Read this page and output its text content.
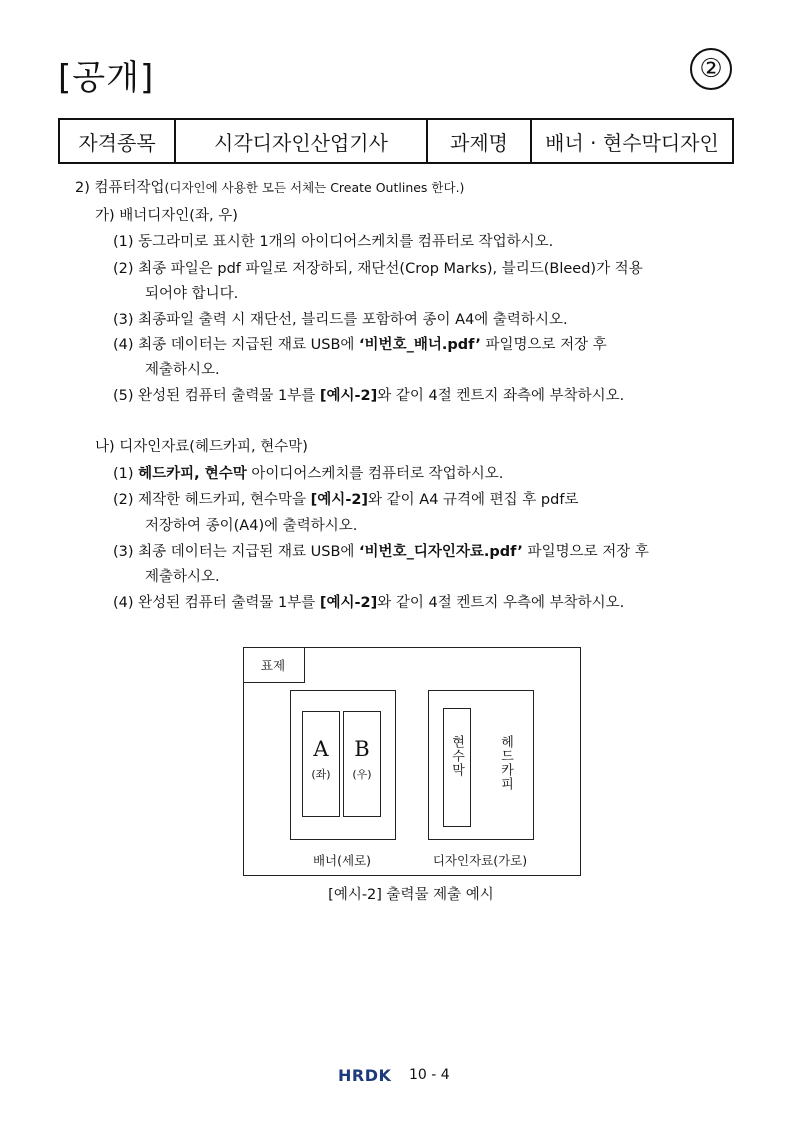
[공개]	②
자격종목	시각디자인산업기사	과제명	배너 · 현수막디자인
2) 컴퓨터작업(디자인에 사용한 모든 서체는 Create Outlines 한다.)
가) 배너디자인(좌, 우)
(1) 동그라미로 표시한 1개의 아이디어스케치를 컴퓨터로 작업하시오.
(2) 최종 파일은 pdf 파일로 저장하되, 재단선(Crop Marks), 블리드(Bleed)가 적용
되어야 합니다.
(3) 최종파일 출력 시 재단선, 블리드를 포함하여 종이 A4에 출력하시오.
(4) 최종 데이터는 지급된 재료 USB에 ‘비번호_배너.pdf’ 파일명으로 저장 후
제출하시오.
(5) 완성된 컴퓨터 출력물 1부를 [예시-2]와 같이 4절 켄트지 좌측에 부착하시오.
나) 디자인자료(헤드카피, 현수막)
(1) 헤드카피, 현수막 아이디어스케치를 컴퓨터로 작업하시오.
(2) 제작한 헤드카피, 현수막을 [예시-2]와 같이 A4 규격에 편집 후 pdf로
저장하여 종이(A4)에 출력하시오.
(3) 최종 데이터는 지급된 재료 USB에 ‘비번호_디자인자료.pdf’ 파일명으로 저장 후
제출하시오.
(4) 완성된 컴퓨터 출력물 1부를 [예시-2]와 같이 4절 켄트지 우측에 부착하시오.
표제
A
(좌)
B
(우)
배너(세로)
현수막	헤드카피
디자인자료(가로)
[예시-2] 출력물 제출 예시
HRDK 10 - 4
